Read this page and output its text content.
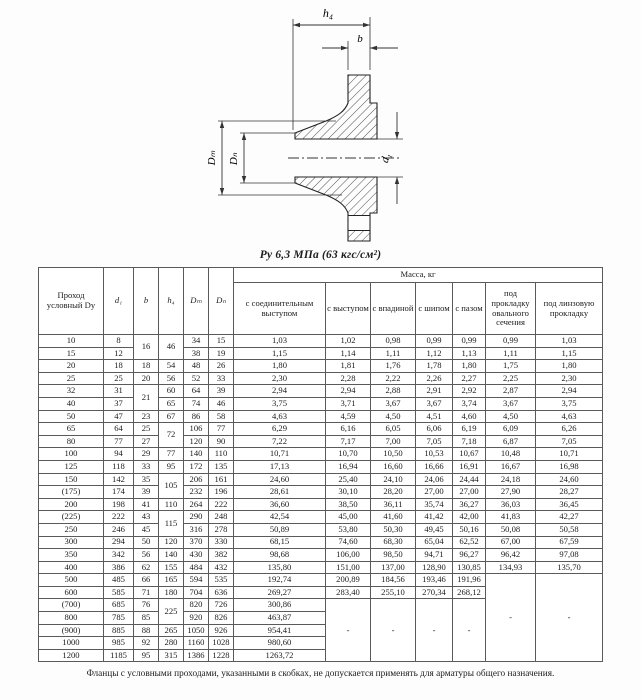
h₄
b
Dₘ Dₙ	d₁
Pу 6,3 МПа (63 кгс/см²)
Проход условный Dу	d₁	b	h₄	Dₘ	Dₙ	Масса, кг						
						с соединительным выступом	с выступом	с впадиной	с шипом	с пазом	под прокладку овального сечения	под линзовую прокладку
10	8	16	46	34	15	1,03	1,02	0,98	0,99	0,99	0,99	1,03
15	12			38	19	1,15	1,14	1,11	1,12	1,13	1,11	1,15
20	18	18	54	48	26	1,80	1,81	1,76	1,78	1,80	1,75	1,80
25	25	20	56	52	33	2,30	2,28	2,22	2,26	2,27	2,25	2,30
32	31	21	60	64	39	2,94	2,94	2,88	2,91	2,92	2,87	2,94
40	37		65	74	46	3,75	3,71	3,67	3,67	3,74	3,67	3,75
50	47	23	67	86	58	4,63	4,59	4,50	4,51	4,60	4,50	4,63
65	64	25	72	106	77	6,29	6,16	6,05	6,06	6,19	6,09	6,26
80	77	27		120	90	7,22	7,17	7,00	7,05	7,18	6,87	7,05
100	94	29	77	140	110	10,71	10,70	10,50	10,53	10,67	10,48	10,71
125	118	33	95	172	135	17,13	16,94	16,60	16,66	16,91	16,67	16,98
150	142	35	105	206	161	24,60	25,40	24,10	24,06	24,44	24,18	24,60
(175)	174	39		232	196	28,61	30,10	28,20	27,00	27,00	27,90	28,27
200	198	41	110	264	222	36,60	38,50	36,11	35,74	36,27	36,03	36,45
(225)	222	43	115	290	248	42,54	45,00	41,60	41,42	42,00	41,83	42,27
250	246	45		316	278	50,89	53,80	50,30	49,45	50,16	50,08	50,58
300	294	50	120	370	330	68,15	74,60	68,30	65,04	62,52	67,00	67,59
350	342	56	140	430	382	98,68	106,00	98,50	94,71	96,27	96,42	97,08
400	386	62	155	484	432	135,80	151,00	137,00	128,90	130,85	134,93	135,70
500	485	66	165	594	535	192,74	200,89	184,56	193,46	191,96	-	-
600	585	71	180	704	636	269,27	283,40	255,10	270,34	268,12		
(700)	685	76	225	820	726	300,86	-	-	-	-		
800	785	85		920	826	463,87						
(900)	885	88	265	1050	926	954,41						
1000	985	92	280	1160	1028	980,60						
1200	1185	95	315	1386	1228	1263,72						
Фланцы с условными проходами, указанными в скобках, не допускается применять для арматуры общего назначения.
